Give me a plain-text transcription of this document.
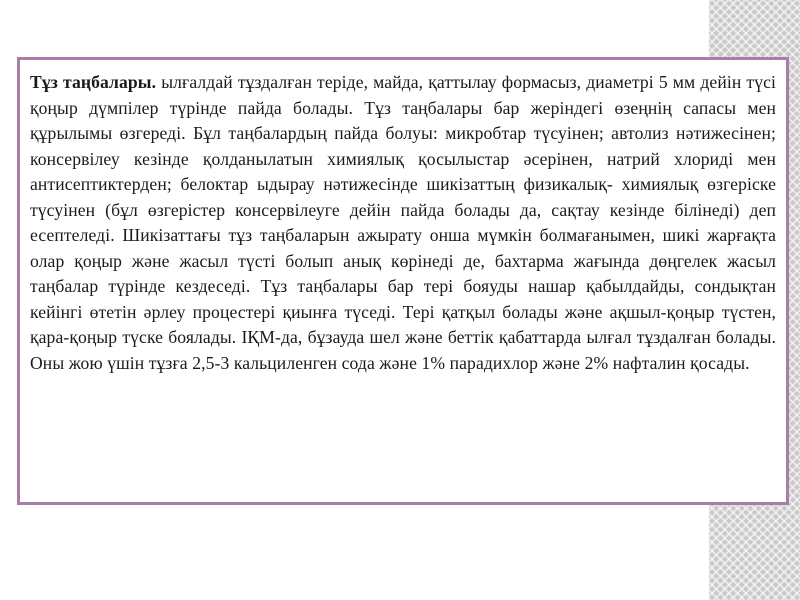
Тұз таңбалары. ылғалдай тұздалған теріде, майда, қаттылау формасыз, диаметрі 5 мм дейін түсі қоңыр дүмпілер түрінде пайда болады. Тұз таңбалары бар жеріндегі өзеңнің сапасы мен құрылымы өзгереді. Бұл таңбалардың пайда болуы: микробтар түсуінен; автолиз нәтижесінен; консервілеу кезінде қолданылатын химиялық қосылыстар әсерінен, натрий хлориді мен антисептиктерден; белоктар ыдырау нәтижесінде шикізаттың физикалық- химиялық өзгеріске түсуінен (бұл өзгерістер консервілеуге дейін пайда болады да, сақтау кезінде білінеді) деп есептеледі. Шикізаттағы тұз таңбаларын ажырату онша мүмкін болмағанымен, шикі жарғақта олар қоңыр және жасыл түсті болып анық көрінеді де, бахтарма жағында дөңгелек жасыл таңбалар түрінде кездеседі. Тұз таңбалары бар тері бояуды нашар қабылдайды, сондықтан кейінгі өтетін әрлеу процестері қиынға түседі. Тері қатқыл болады және ақшыл-қоңыр түстен, қара-қоңыр түске боялады. ІҚМ-да, бұзауда шел және беттік қабаттарда ылғал тұздалған болады. Оны жою үшін тұзға 2,5-3 кальциленген сода және 1% парадихлор және 2% нафталин қосады.
